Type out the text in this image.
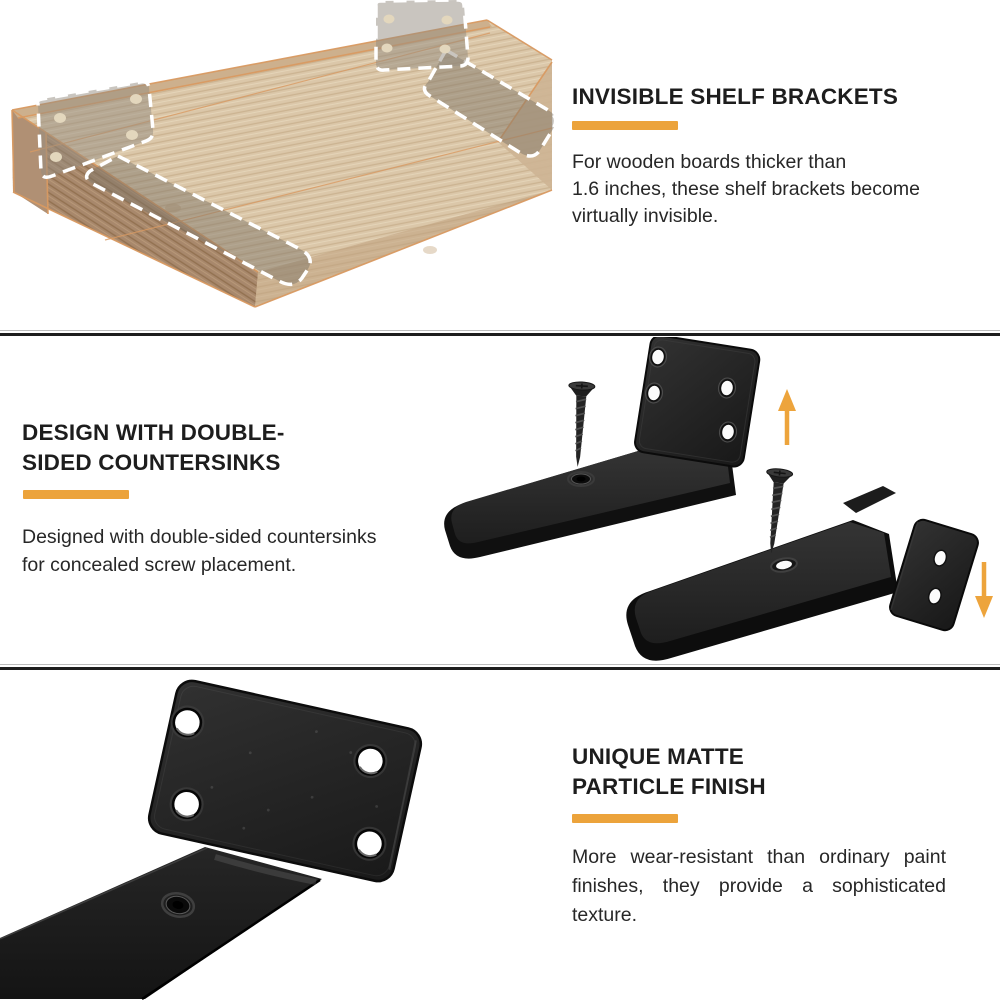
INVISIBLE SHELF BRACKETS
For wooden boards thicker than
1.6 inches, these shelf brackets become
virtually invisible.
DESIGN WITH DOUBLE-
SIDED COUNTERSINKS
Designed with double-sided countersinks
for concealed screw placement.
UNIQUE MATTE
PARTICLE FINISH
More wear-resistant than ordinary paint
finishes, they provide a sophisticated
texture.
